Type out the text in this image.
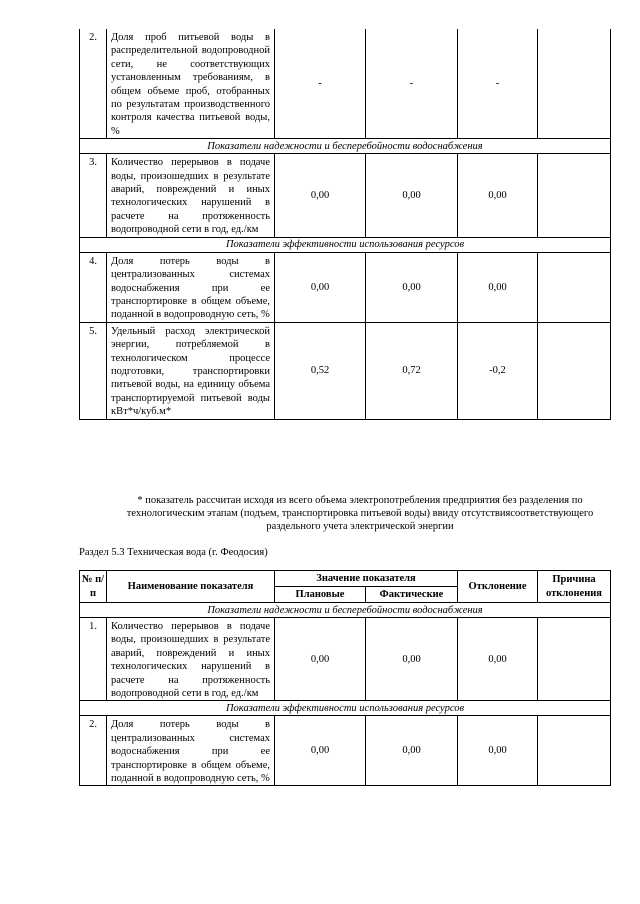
2.	Доля проб питьевой воды в распределительной водопроводной сети, не соответствующих установленным требованиям, в общем объеме проб, отобранных по результатам производственного контроля качества питьевой воды, %	-	-	-	
Показатели надежности и бесперебойности водоснабжения					
3.	Количество перерывов в подаче воды, произошедших в результате аварий, повреждений и иных технологических нарушений в расчете на протяженность водопроводной сети в год, ед./км	0,00	0,00	0,00	
Показатели эффективности использования ресурсов					
4.	Доля потерь воды в централизованных системах водоснабжения при ее транспортировке в общем объеме, поданной в водопроводную сеть, %	0,00	0,00	0,00	
5.	Удельный расход электрической энергии, потребляемой в технологическом процессе подготовки, транспортировки питьевой воды, на единицу объема транспортируемой питьевой воды кВт*ч/куб.м*	0,52	0,72	-0,2	
* показатель рассчитан исходя из всего объема электропотребления предприятия без разделения по технологическим этапам (подъем, транспортировка питьевой воды) ввиду отсутствиясоответствующего раздельного учета электрической энергии
Раздел 5.3 Техническая вода (г. Феодосия)
№ п/п	Наименование показателя	Значение показателя		Отклонение	Причина отклонения
		Плановые	Фактические		
Показатели надежности и бесперебойности водоснабжения					
1.	Количество перерывов в подаче воды, произошедших в результате аварий, повреждений и иных технологических нарушений в расчете на протяженность водопроводной сети в год, ед./км	0,00	0,00	0,00	
Показатели эффективности использования ресурсов					
2.	Доля потерь воды в централизованных системах водоснабжения при ее транспортировке в общем объеме, поданной в водопроводную сеть, %	0,00	0,00	0,00	
